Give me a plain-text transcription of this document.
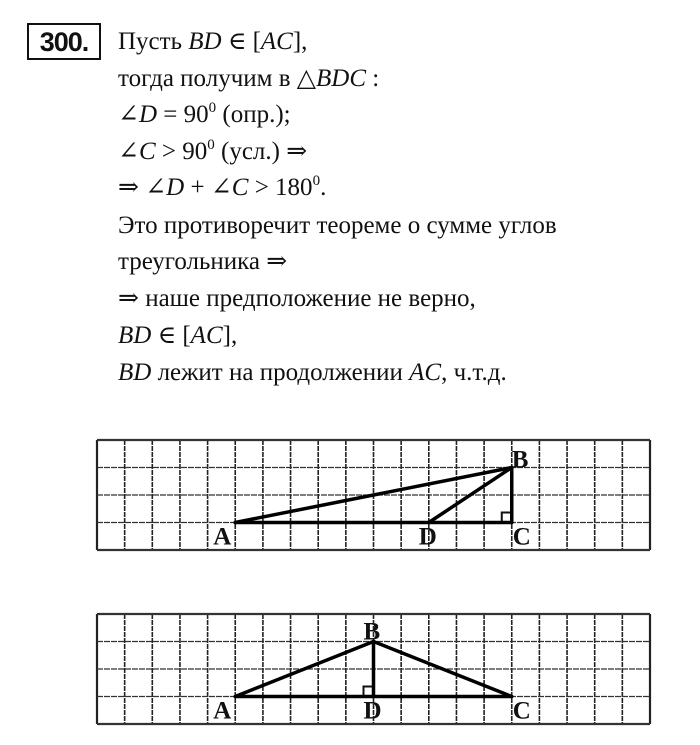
300.	Пусть BD ∈ [AC],
тогда получим в △BDC :
∠D = $90^0$ (опр.);
∠C > $90^0$ (усл.) ⇒
⇒ ∠D + ∠C > $180^0$.
Это противоречит теореме о сумме углов
треугольника ⇒
⇒ наше предположение не верно,
BD ∈ [AC],
BD лежит на продолжении AC, ч.т.д.
A
B
C
D
A
B
C
D
